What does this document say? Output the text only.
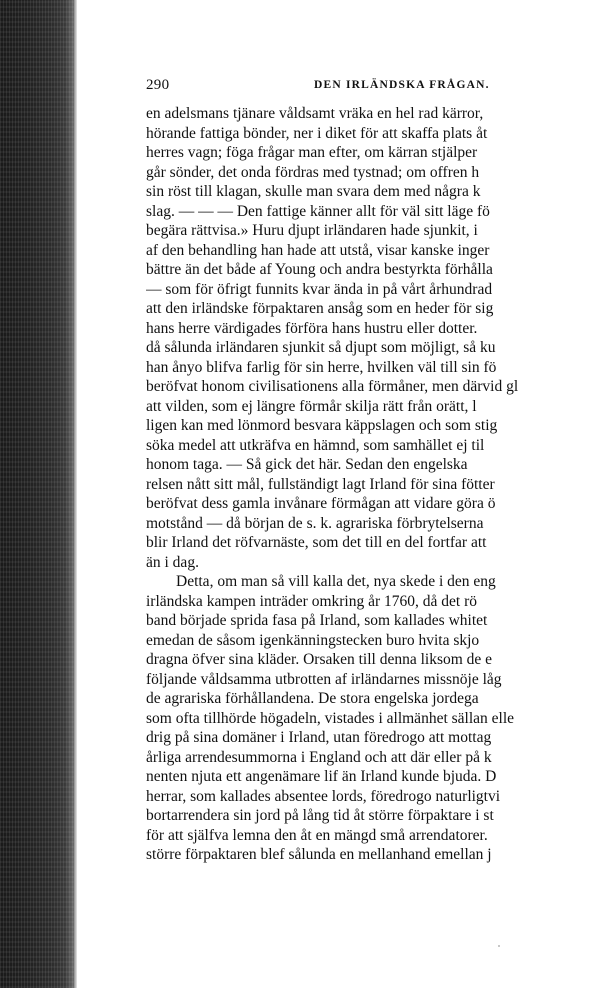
290	DEN IRLÄNDSKA FRÅGAN.
en adelsmans tjänare våldsamt vräka en hel rad kärror,
hörande fattiga bönder, ner i diket för att skaffa plats åt
herres vagn; föga frågar man efter, om kärran stjälper
går sönder, det onda fördras med tystnad; om offren h
sin röst till klagan, skulle man svara dem med några k
slag. — — — Den fattige känner allt för väl sitt läge fö
begära rättvisa.» Huru djupt irländaren hade sjunkit, i
af den behandling han hade att utstå, visar kanske inger
bättre än det både af Young och andra bestyrkta förhålla
— som för öfrigt funnits kvar ända in på vårt århundrad
att den irländske förpaktaren ansåg som en heder för sig
hans herre värdigades förföra hans hustru eller dotter.
då sålunda irländaren sjunkit så djupt som möjligt, så ku
han ånyo blifva farlig för sin herre, hvilken väl till sin fö
beröfvat honom civilisationens alla förmåner, men därvid gl
att vilden, som ej längre förmår skilja rätt från orätt, l
ligen kan med lönmord besvara käppslagen och som stig
söka medel att utkräfva en hämnd, som samhället ej til
honom taga. — Så gick det här. Sedan den engelska
relsen nått sitt mål, fullständigt lagt Irland för sina fötter
beröfvat dess gamla invånare förmågan att vidare göra ö
motstånd — då början de s. k. agrariska förbrytelserna
blir Irland det röfvarnäste, som det till en del fortfar att
än i dag.
Detta, om man så vill kalla det, nya skede i den eng
irländska kampen inträder omkring år 1760, då det rö
band började sprida fasa på Irland, som kallades whitet
emedan de såsom igenkänningstecken buro hvita skjo
dragna öfver sina kläder. Orsaken till denna liksom de e
följande våldsamma utbrotten af irländarnes missnöje låg
de agrariska förhållandena. De stora engelska jordega
som ofta tillhörde högadeln, vistades i allmänhet sällan elle
drig på sina domäner i Irland, utan föredrogo att mottag
årliga arrendesummorna i England och att där eller på k
nenten njuta ett angenämare lif än Irland kunde bjuda. D
herrar, som kallades absentee lords, föredrogo naturligtvi
bortarrendera sin jord på lång tid åt större förpaktare i st
för att själfva lemna den åt en mängd små arrendatorer.
större förpaktaren blef sålunda en mellanhand emellan j
